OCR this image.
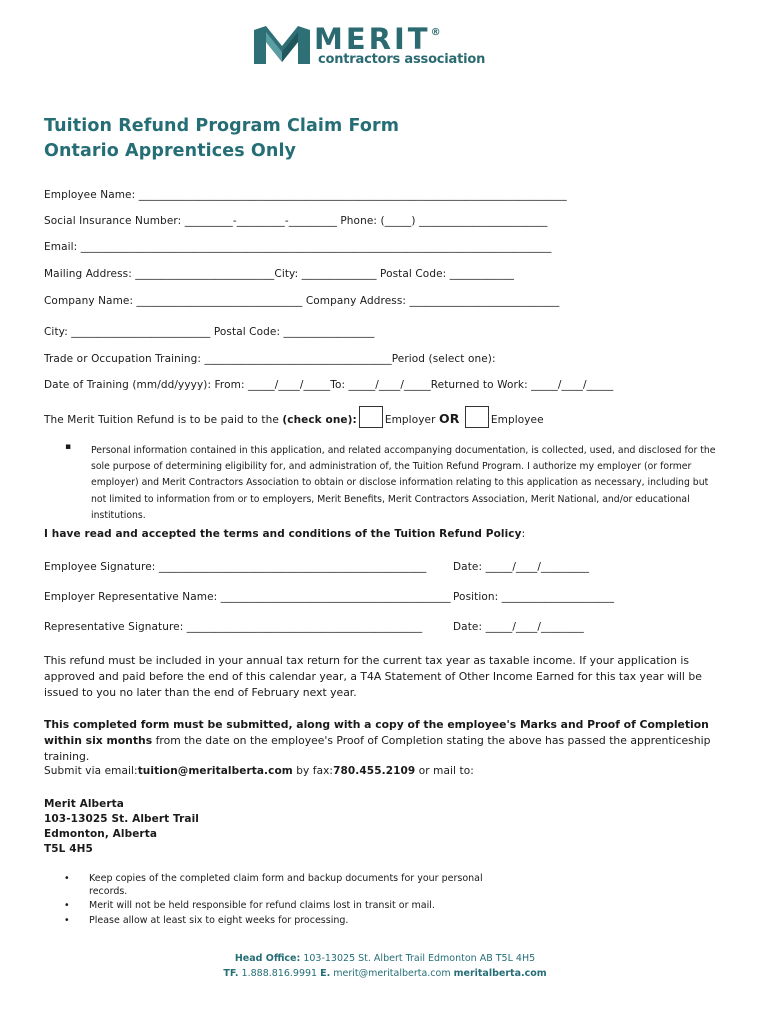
MERIT®
contractors association
Tuition Refund Program Claim Form
Ontario Apprentices Only
Employee Name: ________________________________________________________________________________
Social Insurance Number: _________-_________-_________ Phone: (_____) ________________________
Email: ________________________________________________________________________________________
Mailing Address: __________________________City: ______________ Postal Code: ____________
Company Name: _______________________________ Company Address: ____________________________
City: __________________________ Postal Code: _________________
Trade or Occupation Training: ___________________________________Period (select one):
Date of Training (mm/dd/yyyy): From: _____/____/_____To: _____/____/_____Returned to Work: _____/____/_____
The Merit Tuition Refund is to be paid to the (check one):	Employer OR	Employee
▪ Personal information contained in this application, and related accompanying documentation, is collected, used, and disclosed for the sole purpose of determining eligibility for, and administration of, the Tuition Refund Program. I authorize my employer (or former employer) and Merit Contractors Association to obtain or disclose information relating to this application as necessary, including but not limited to information from or to employers, Merit Benefits, Merit Contractors Association, Merit National, and/or educational institutions.
I have read and accepted the terms and conditions of the Tuition Refund Policy:
Employee Signature: __________________________________________________	Date: _____/____/_________
Employer Representative Name: ___________________________________________ Position: _____________________
Representative Signature: ____________________________________________	Date: _____/____/________
This refund must be included in your annual tax return for the current tax year as taxable income. If your application is approved and paid before the end of this calendar year, a T4A Statement of Other Income Earned for this tax year will be issued to you no later than the end of February next year.
This completed form must be submitted, along with a copy of the employee's Marks and Proof of Completion within six months from the date on the employee's Proof of Completion stating the above has passed the apprenticeship training.
Submit via email:tuition@meritalberta.com by fax:780.455.2109 or mail to:
Merit Alberta
103-13025 St. Albert Trail
Edmonton, Alberta
T5L 4H5
• Keep copies of the completed claim form and backup documents for your personal records.
• Merit will not be held responsible for refund claims lost in transit or mail.
• Please allow at least six to eight weeks for processing.
Head Office: 103-13025 St. Albert Trail Edmonton AB T5L 4H5
TF. 1.888.816.9991 E. merit@meritalberta.com meritalberta.com
